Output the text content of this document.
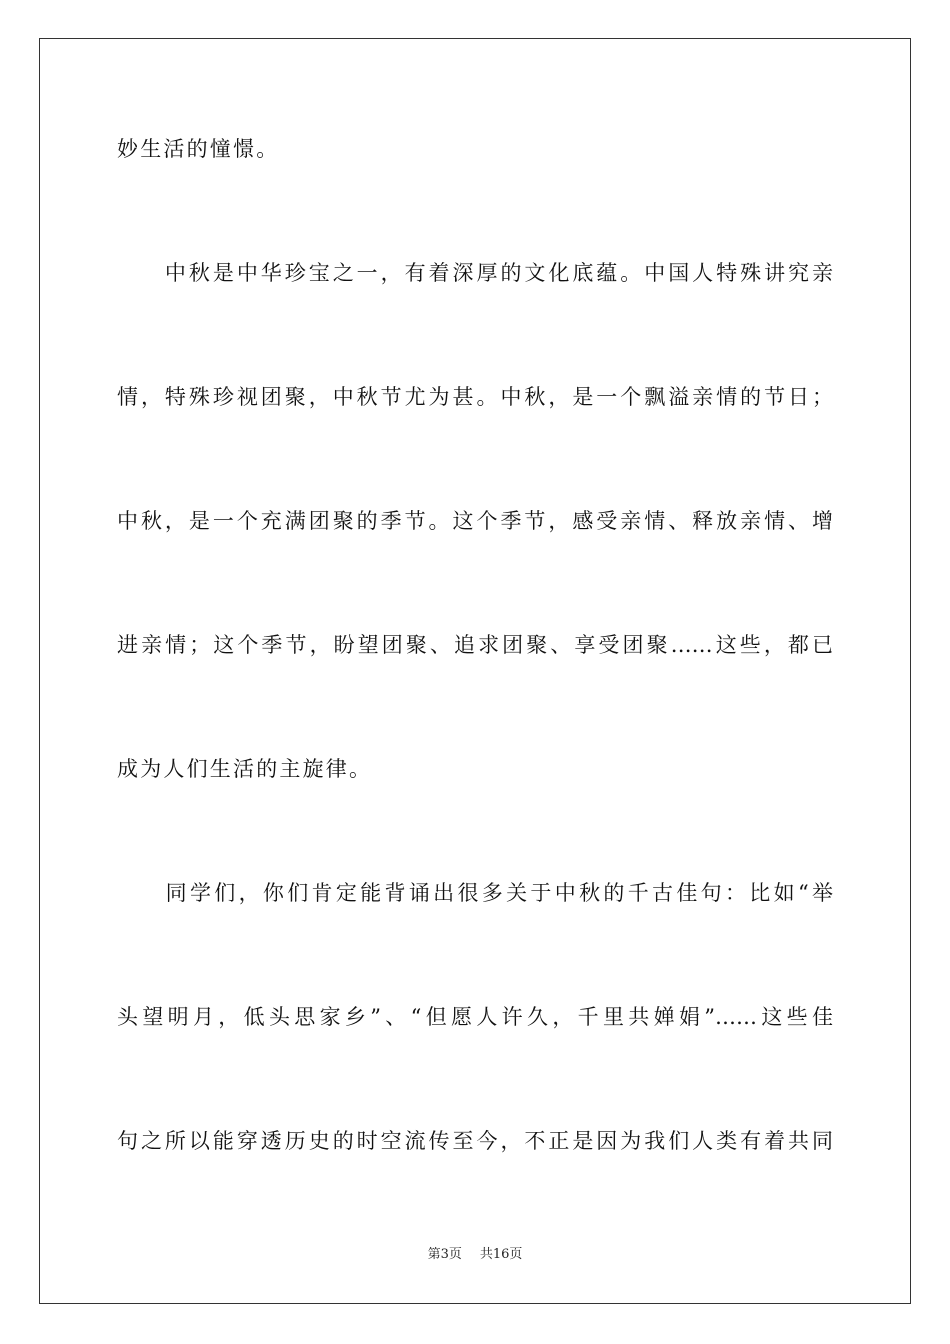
妙生活的憧憬。
　　中秋是中华珍宝之一，有着深厚的文化底蕴。中国人特殊讲究亲
情，特殊珍视团聚，中秋节尤为甚。中秋，是一个飘溢亲情的节日；
中秋，是一个充满团聚的季节。这个季节，感受亲情、释放亲情、增
进亲情；这个季节，盼望团聚、追求团聚、享受团聚……这些，都已
成为人们生活的主旋律。
　　同学们，你们肯定能背诵出很多关于中秋的千古佳句：比如“举
头望明月，低头思家乡”、“但愿人许久，千里共婵娟”……这些佳
句之所以能穿透历史的时空流传至今，不正是因为我们人类有着共同
第3页 共16页
